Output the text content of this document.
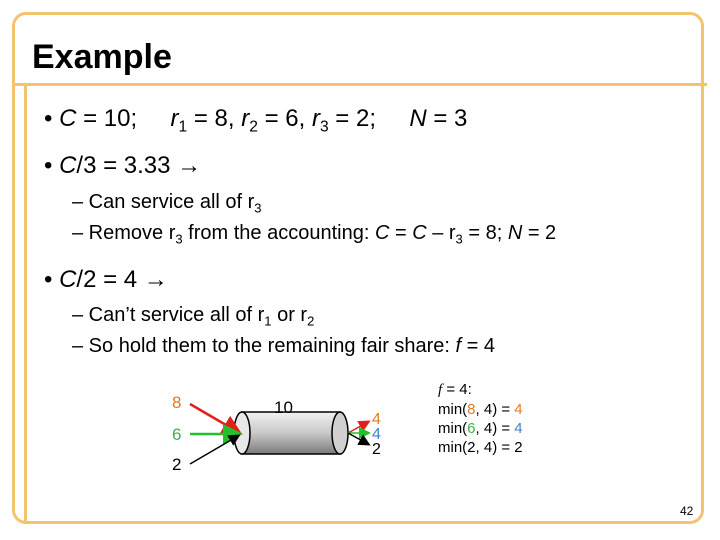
Example
• C = 10;     $r_1 = 8$, $r_2 = 6$, $r_3 = 2$;     N = 3
• C/3 = 3.33 →
– Can service all of $r_3$
– Remove $r_3$ from the accounting: $C = C - r_3 = 8$; N = 2
• C/2 = 4 →
– Can’t service all of $r_1$ or $r_2$
– So hold them to the remaining fair share: f = 4
8
6
2
10
4
4
2
f = 4:
min(8, 4) = 4
min(6, 4) = 4
min(2, 4) = 2
42
